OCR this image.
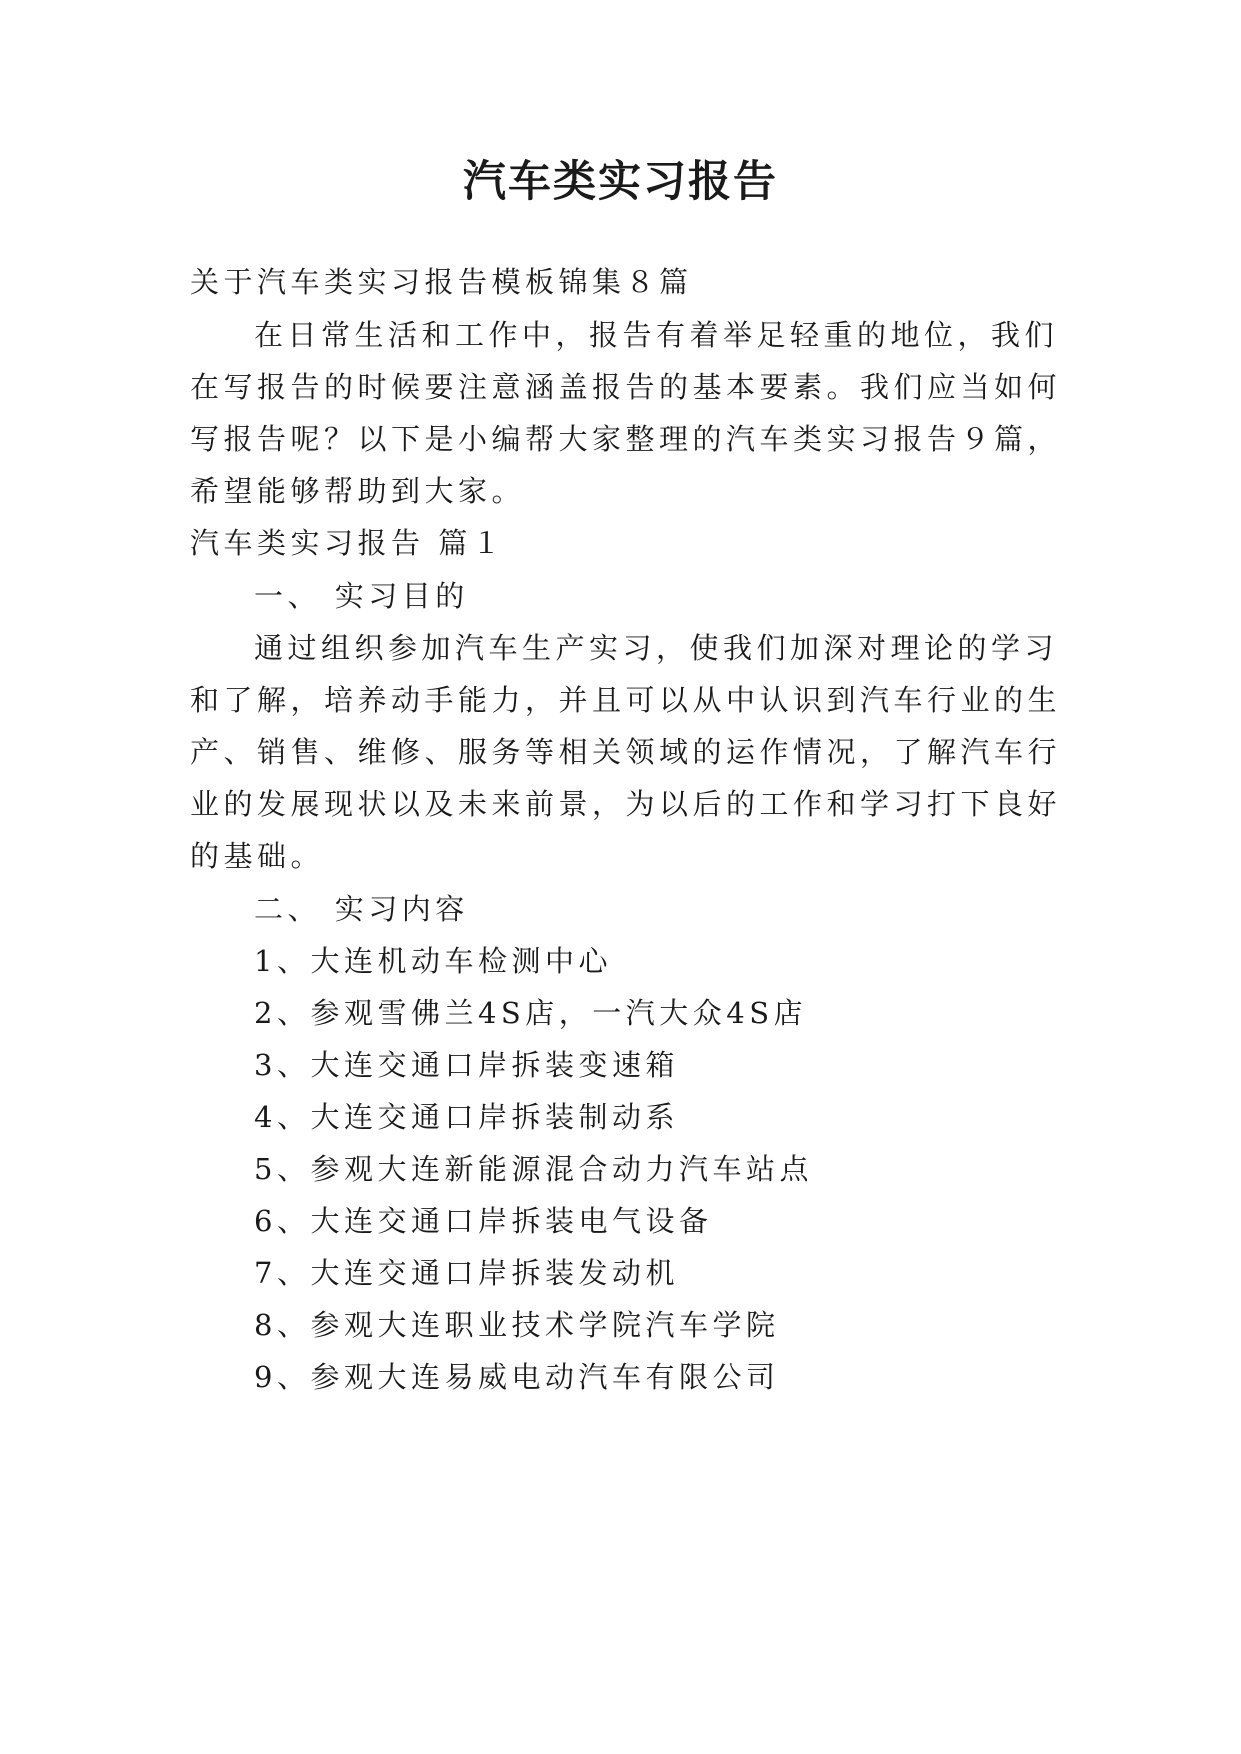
汽车类实习报告
关于汽车类实习报告模板锦集８篇
在日常生活和工作中，报告有着举足轻重的地位，我们
在写报告的时候要注意涵盖报告的基本要素。我们应当如何
写报告呢？以下是小编帮大家整理的汽车类实习报告９篇，
希望能够帮助到大家。
汽车类实习报告 篇１
一、 实习目的
通过组织参加汽车生产实习，使我们加深对理论的学习
和了解，培养动手能力，并且可以从中认识到汽车行业的生
产、销售、维修、服务等相关领域的运作情况，了解汽车行
业的发展现状以及未来前景，为以后的工作和学习打下良好
的基础。
二、 实习内容
1、大连机动车检测中心
2、参观雪佛兰4S店，一汽大众4S店
3、大连交通口岸拆装变速箱
4、大连交通口岸拆装制动系
5、参观大连新能源混合动力汽车站点
6、大连交通口岸拆装电气设备
7、大连交通口岸拆装发动机
8、参观大连职业技术学院汽车学院
9、参观大连易威电动汽车有限公司
